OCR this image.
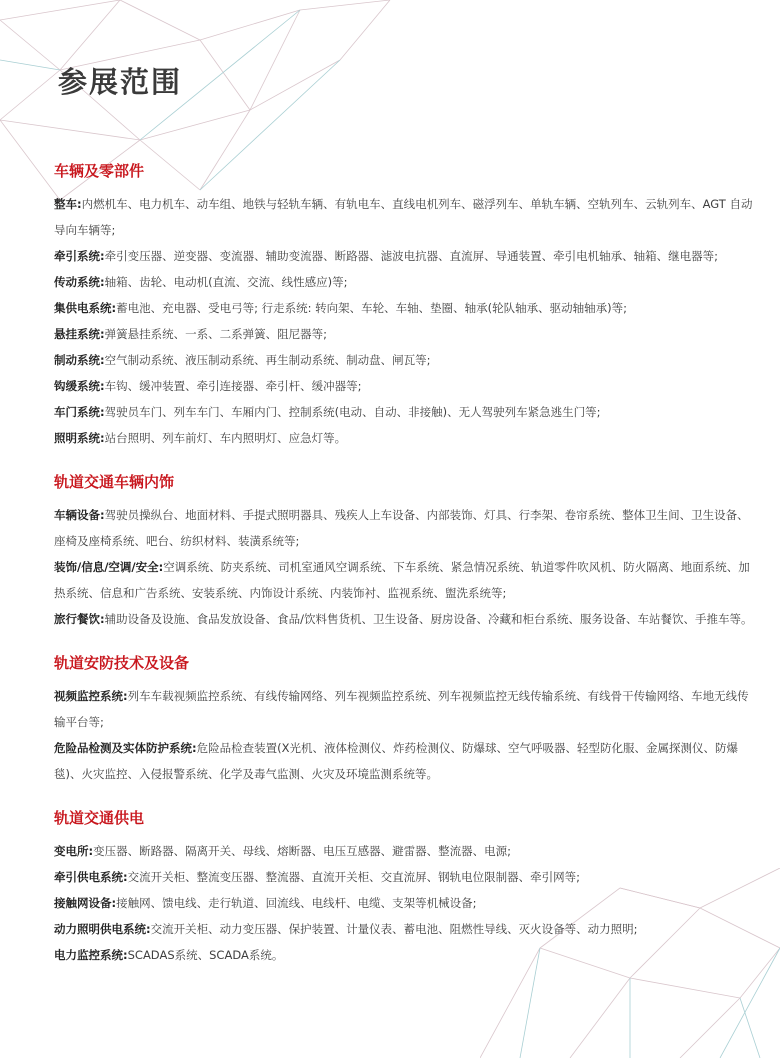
参展范围
车辆及零部件

整车:内燃机车、电力机车、动车组、地铁与轻轨车辆、有轨电车、直线电机列车、磁浮列车、单轨车辆、空轨列车、云轨列车、AGT 自动导向车辆等;

牵引系统:牵引变压器、逆变器、变流器、辅助变流器、断路器、滤波电抗器、直流屏、导通装置、牵引电机轴承、轴箱、继电器等;

传动系统:轴箱、齿轮、电动机(直流、交流、线性感应)等;

集供电系统:蓄电池、充电器、受电弓等; 行走系统: 转向架、车轮、车轴、垫圈、轴承(轮队轴承、驱动轴轴承)等;

悬挂系统:弹簧悬挂系统、一系、二系弹簧、阻尼器等;

制动系统:空气制动系统、液压制动系统、再生制动系统、制动盘、闸瓦等;

钩缓系统:车钩、缓冲装置、牵引连接器、牵引杆、缓冲器等;

车门系统:驾驶员车门、列车车门、车厢内门、控制系统(电动、自动、非接触)、无人驾驶列车紧急逃生门等;

照明系统:站台照明、列车前灯、车内照明灯、应急灯等。

轨道交通车辆内饰

车辆设备:驾驶员操纵台、地面材料、手提式照明器具、残疾人上车设备、内部装饰、灯具、行李架、卷帘系统、整体卫生间、卫生设备、座椅及座椅系统、吧台、纺织材料、装潢系统等;

装饰/信息/空调/安全:空调系统、防夹系统、司机室通风空调系统、下车系统、紧急情况系统、轨道零件吹风机、防火隔离、地面系统、加热系统、信息和广告系统、安装系统、内饰设计系统、内装饰衬、监视系统、盥洗系统等;

旅行餐饮:辅助设备及设施、食品发放设备、食品/饮料售货机、卫生设备、厨房设备、冷藏和柜台系统、服务设备、车站餐饮、手推车等。

轨道安防技术及设备

视频监控系统:列车车载视频监控系统、有线传输网络、列车视频监控系统、列车视频监控无线传输系统、有线骨干传输网络、车地无线传输平台等;

危险品检测及实体防护系统:危险品检查装置(X光机、液体检测仪、炸药检测仪、防爆球、空气呼吸器、轻型防化服、金属探测仪、防爆毯)、火灾监控、入侵报警系统、化学及毒气监测、火灾及环境监测系统等。

轨道交通供电

变电所:变压器、断路器、隔离开关、母线、熔断器、电压互感器、避雷器、整流器、电源;

牵引供电系统:交流开关柜、整流变压器、整流器、直流开关柜、交直流屏、钢轨电位限制器、牵引网等;

接触网设备:接触网、馈电线、走行轨道、回流线、电线杆、电缆、支架等机械设备;

动力照明供电系统:交流开关柜、动力变压器、保护装置、计量仪表、蓄电池、阻燃性导线、灭火设备等、动力照明;

电力监控系统:SCADAS系统、SCADA系统。
